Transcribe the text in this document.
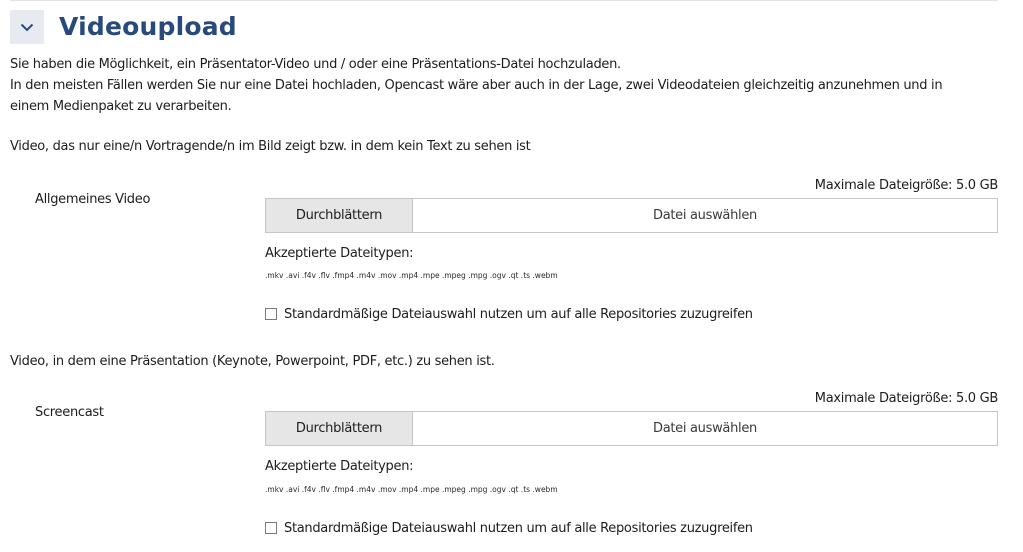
Videoupload

Sie haben die Möglichkeit, ein Präsentator-Video und / oder eine Präsentations-Datei hochzuladen.

In den meisten Fällen werden Sie nur eine Datei hochladen, Opencast wäre aber auch in der Lage, zwei Videodateien gleichzeitig anzunehmen und in einem Medienpaket zu verarbeiten.

Video, das nur eine/n Vortragende/n im Bild zeigt bzw. in dem kein Text zu sehen ist
Allgemeines Video
Maximale Dateigröße: 5.0 GB
Durchblättern	Datei auswählen
Akzeptierte Dateitypen:
.mkv .avi .f4v .flv .fmp4 .m4v .mov .mp4 .mpe .mpeg .mpg .ogv .qt .ts .webm
Standardmäßige Dateiauswahl nutzen um auf alle Repositories zuzugreifen
Video, in dem eine Präsentation (Keynote, Powerpoint, PDF, etc.) zu sehen ist.
Screencast
Maximale Dateigröße: 5.0 GB
Durchblättern	Datei auswählen
Akzeptierte Dateitypen:
.mkv .avi .f4v .flv .fmp4 .m4v .mov .mp4 .mpe .mpeg .mpg .ogv .qt .ts .webm
Standardmäßige Dateiauswahl nutzen um auf alle Repositories zuzugreifen
